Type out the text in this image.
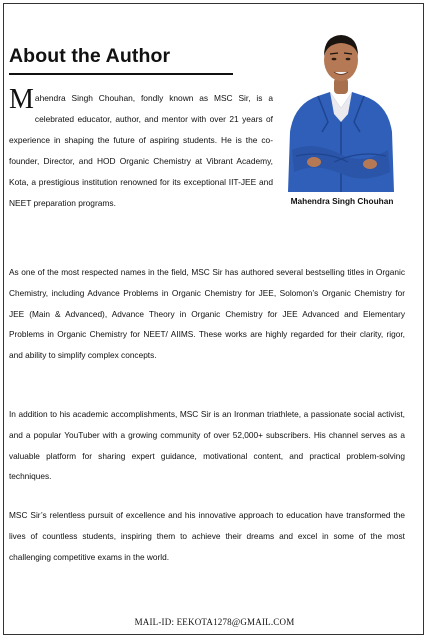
About the Author

Mahendra Singh Chouhan, fondly known as MSC Sir, is a celebrated educator, author, and mentor with over 21 years of experience in shaping the future of aspiring students. He is the co-founder, Director, and HOD Organic Chemistry at Vibrant Academy, Kota, a prestigious institution renowned for its exceptional IIT-JEE and NEET preparation programs.	Mahendra Singh Chouhan

As one of the most respected names in the field, MSC Sir has authored several bestselling titles in Organic Chemistry, including Advance Problems in Organic Chemistry for JEE, Solomon’s Organic Chemistry for JEE (Main & Advanced), Advance Theory in Organic Chemistry for JEE Advanced and Elementary Problems in Organic Chemistry for NEET/ AIIMS. These works are highly regarded for their clarity, rigor, and ability to simplify complex concepts.

In addition to his academic accomplishments, MSC Sir is an Ironman triathlete, a passionate social activist, and a popular YouTuber with a growing community of over 52,000+ subscribers. His channel serves as a valuable platform for sharing expert guidance, motivational content, and practical problem-solving techniques.

MSC Sir’s relentless pursuit of excellence and his innovative approach to education have transformed the lives of countless students, inspiring them to achieve their dreams and excel in some of the most challenging competitive exams in the world.

MAIL-ID: EEKOTA1278@GMAIL.COM
